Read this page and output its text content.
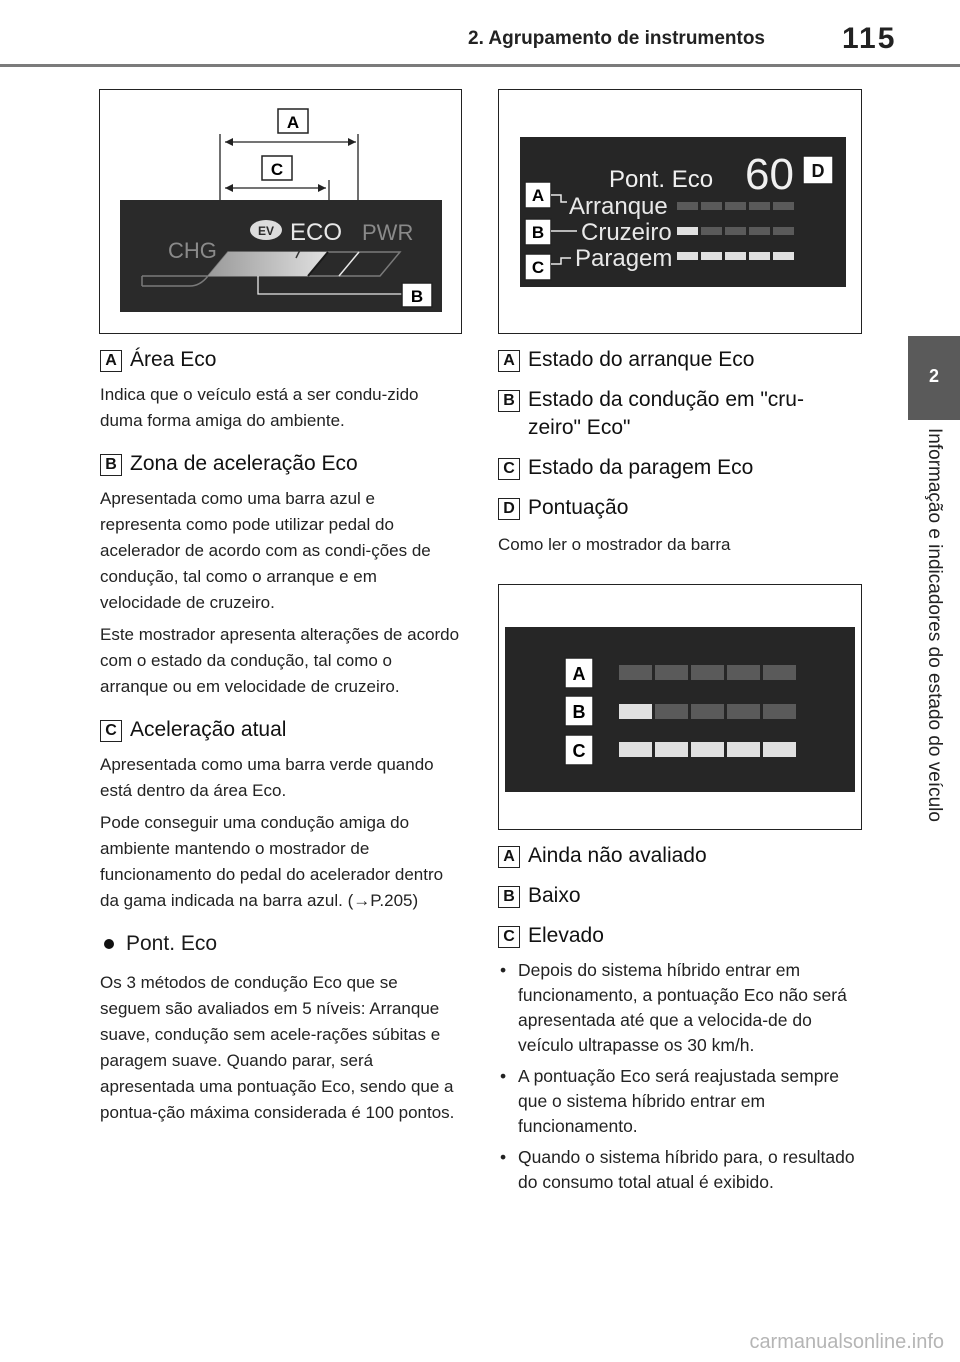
2. Agrupamento de instrumentos	115
2
Informação e indicadores do estado do veículo
A
C
CHG
EV ECO PWR
B
Pont. Eco 60 D
A Arranque
B Cruzeiro
C Paragem
A
B
C
A Área Eco
Indica que o veículo está a ser condu-zido duma forma amiga do ambiente.
B Zona de aceleração Eco
Apresentada como uma barra azul e representa como pode utilizar pedal do acelerador de acordo com as condi-ções de condução, tal como o arranque e em velocidade de cruzeiro.
Este mostrador apresenta alterações de acordo com o estado da condução, tal como o arranque ou em velocidade de cruzeiro.
C Aceleração atual
Apresentada como uma barra verde quando está dentro da área Eco.
Pode conseguir uma condução amiga do ambiente mantendo o mostrador de funcionamento do pedal do acelerador dentro da gama indicada na barra azul. (→P.205)
Pont. Eco
Os 3 métodos de condução Eco que se seguem são avaliados em 5 níveis: Arranque suave, condução sem acele-rações súbitas e paragem suave. Quando parar, será apresentada uma pontuação Eco, sendo que a pontua-ção máxima considerada é 100 pontos.
A Estado do arranque Eco
B Estado da condução em "cru-zeiro" Eco"
C Estado da paragem Eco
D Pontuação
Como ler o mostrador da barra
A Ainda não avaliado
B Baixo
C Elevado
• Depois do sistema híbrido entrar em funcionamento, a pontuação Eco não será apresentada até que a velocida-de do veículo ultrapasse os 30 km/h.
• A pontuação Eco será reajustada sempre que o sistema híbrido entrar em funcionamento.
• Quando o sistema híbrido para, o resultado do consumo total atual é exibido.
carmanualsonline.info
